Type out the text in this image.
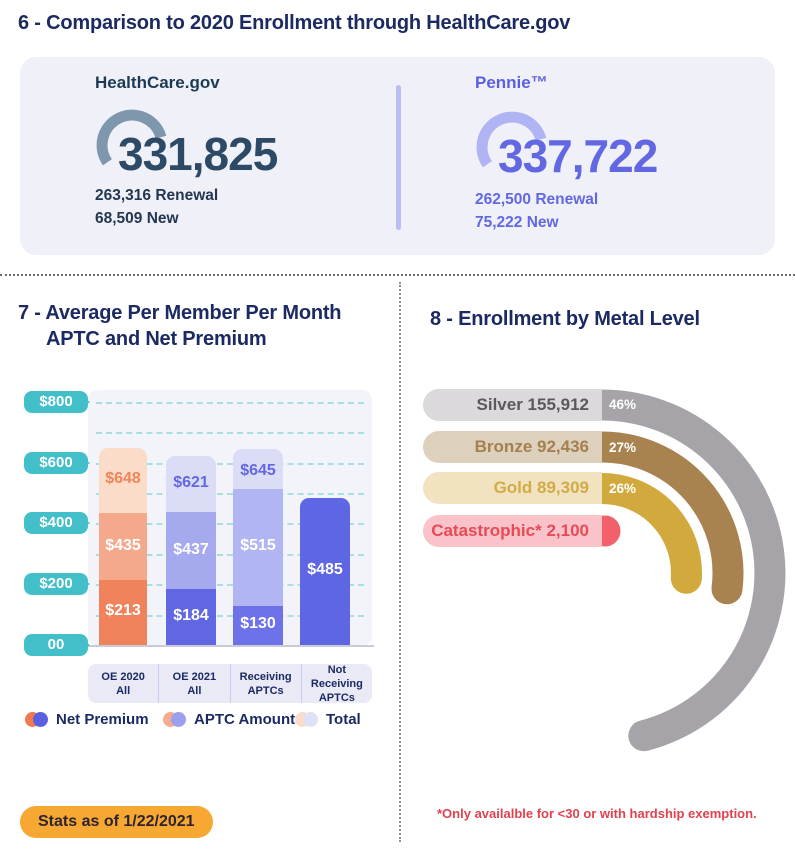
6 - Comparison to 2020 Enrollment through HealthCare.gov
HealthCare.gov
331,825
263,316 Renewal
68,509 New
Pennie™
337,722
262,500 Renewal
75,222 New
7 - Average Per Member Per Month
APTC and Net Premium
$800
$600
$400
$200
00
$648
$435
$213
$621
$437
$184
$645
$515
$130
$485
OE 2020
All
OE 2021
All
Receiving
APTCs
Not Receiving
APTCs
Net Premium	APTC Amount Total
Stats as of 1/22/2021
8 - Enrollment by Metal Level
Silver 155,912
Bronze 92,436
Gold 89,309
Catastrophic* 2,100
46%
27%
26%
*Only availalble for <30 or with hardship exemption.
